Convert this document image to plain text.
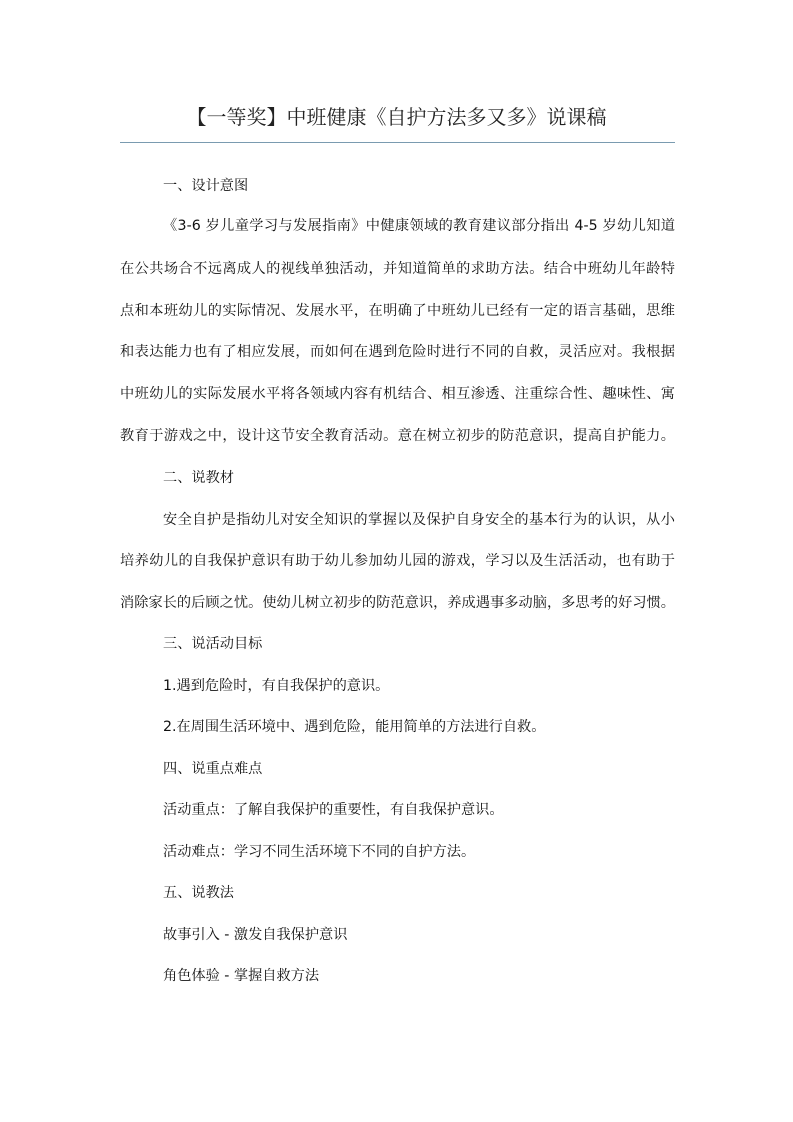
【一等奖】中班健康《自护方法多又多》说课稿
一、设计意图
《3-6 岁儿童学习与发展指南》中健康领域的教育建议部分指出 4-5 岁幼儿知道
在公共场合不远离成人的视线单独活动，并知道简单的求助方法。结合中班幼儿年龄特
点和本班幼儿的实际情况、发展水平，在明确了中班幼儿已经有一定的语言基础，思维
和表达能力也有了相应发展，而如何在遇到危险时进行不同的自救，灵活应对。我根据
中班幼儿的实际发展水平将各领域内容有机结合、相互渗透、注重综合性、趣味性、寓
教育于游戏之中，设计这节安全教育活动。意在树立初步的防范意识，提高自护能力。
二、说教材
安全自护是指幼儿对安全知识的掌握以及保护自身安全的基本行为的认识，从小
培养幼儿的自我保护意识有助于幼儿参加幼儿园的游戏，学习以及生活活动，也有助于
消除家长的后顾之忧。使幼儿树立初步的防范意识，养成遇事多动脑，多思考的好习惯。
三、说活动目标
1.遇到危险时，有自我保护的意识。
2.在周围生活环境中、遇到危险，能用简单的方法进行自救。
四、说重点难点
活动重点：了解自我保护的重要性，有自我保护意识。
活动难点：学习不同生活环境下不同的自护方法。
五、说教法
故事引入 - 激发自我保护意识
角色体验 - 掌握自救方法
